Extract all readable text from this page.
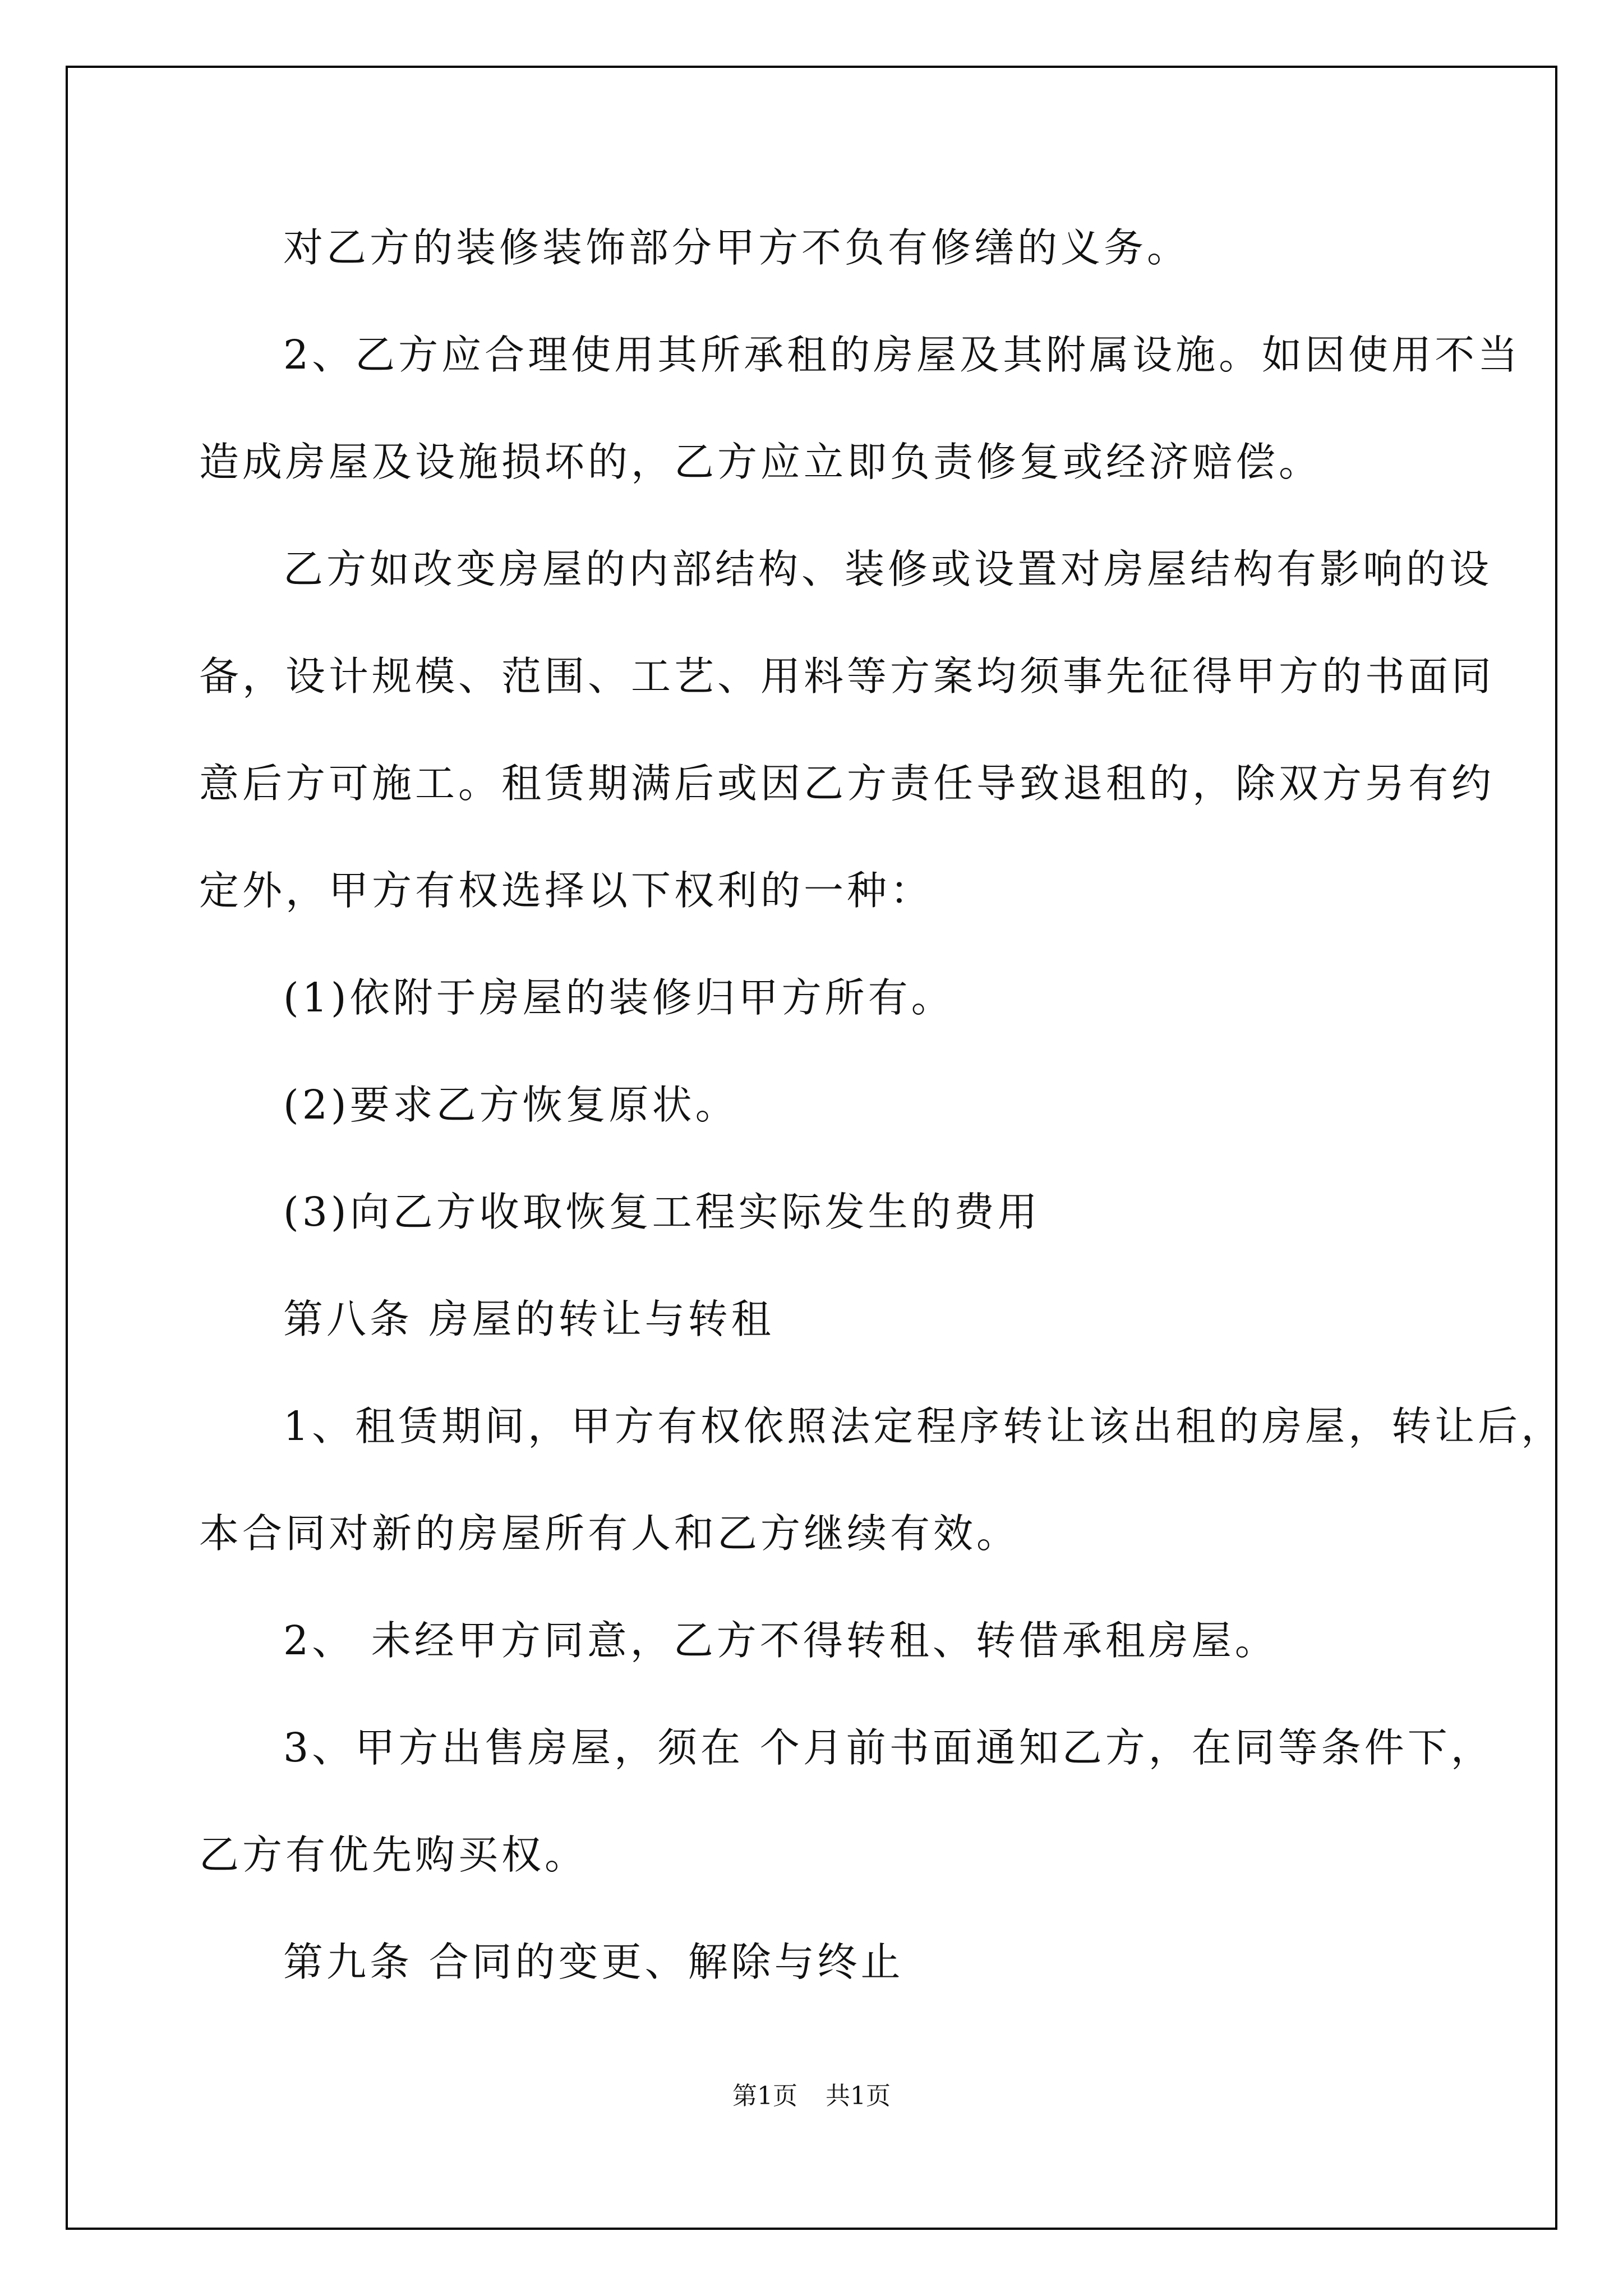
对乙方的装修装饰部分甲方不负有修缮的义务。
2、乙方应合理使用其所承租的房屋及其附属设施。如因使用不当
造成房屋及设施损坏的，乙方应立即负责修复或经济赔偿。
乙方如改变房屋的内部结构、装修或设置对房屋结构有影响的设
备，设计规模、范围、工艺、用料等方案均须事先征得甲方的书面同
意后方可施工。租赁期满后或因乙方责任导致退租的，除双方另有约
定外，甲方有权选择以下权利的一种：
(1)依附于房屋的装修归甲方所有。
(2)要求乙方恢复原状。
(3)向乙方收取恢复工程实际发生的费用
第八条 房屋的转让与转租
1、租赁期间，甲方有权依照法定程序转让该出租的房屋，转让后，
本合同对新的房屋所有人和乙方继续有效。
2、 未经甲方同意，乙方不得转租、转借承租房屋。
3、甲方出售房屋，须在 个月前书面通知乙方，在同等条件下，
乙方有优先购买权。
第九条 合同的变更、解除与终止
第1页 共1页
